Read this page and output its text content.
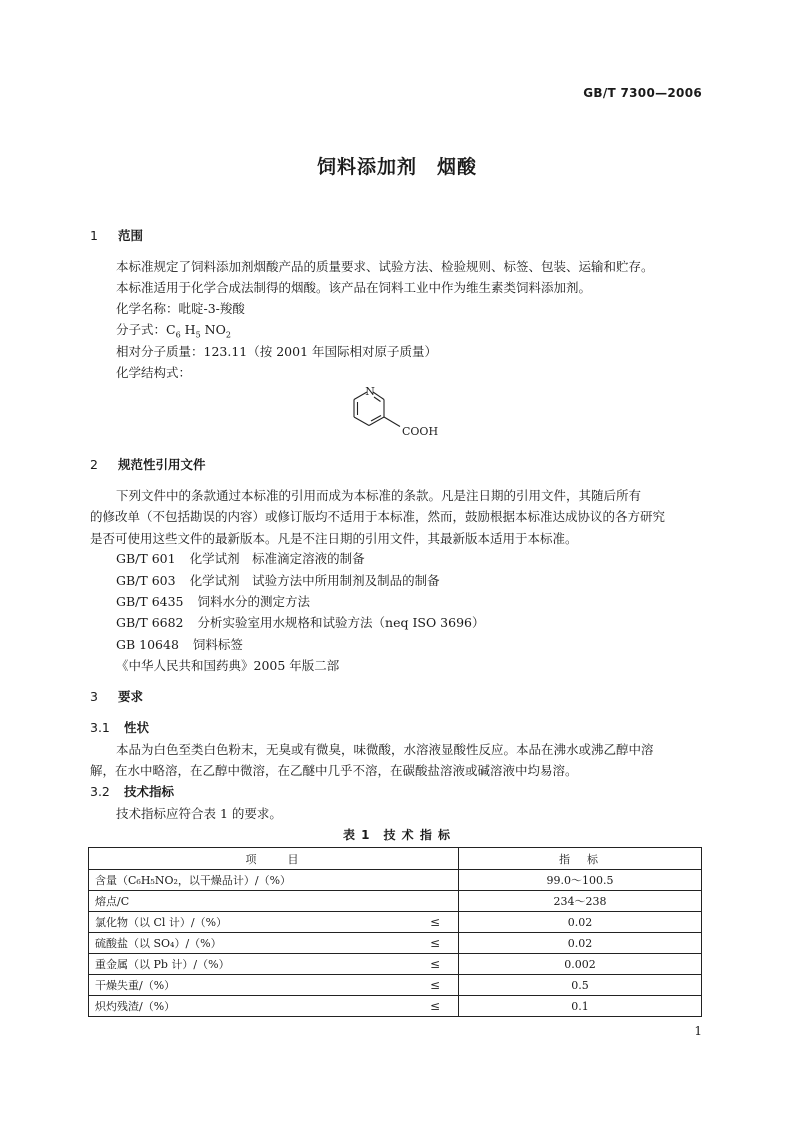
GB/T 7300—2006
饲料添加剂 烟酸
1 范围
本标准规定了饲料添加剂烟酸产品的质量要求、试验方法、检验规则、标签、包装、运输和贮存。
本标准适用于化学合成法制得的烟酸。该产品在饲料工业中作为维生素类饲料添加剂。
化学名称：吡啶-3-羧酸
分子式：$C_6$ $H_5$ $NO_2$
相对分子质量：123.11（按 2001 年国际相对原子质量）
化学结构式：
N
COOH
2 规范性引用文件
下列文件中的条款通过本标准的引用而成为本标准的条款。凡是注日期的引用文件，其随后所有
的修改单（不包括勘误的内容）或修订版均不适用于本标准，然而，鼓励根据本标准达成协议的各方研究
是否可使用这些文件的最新版本。凡是不注日期的引用文件，其最新版本适用于本标准。
GB/T 601 化学试剂　标准滴定溶液的制备
GB/T 603 化学试剂　试验方法中所用制剂及制品的制备
GB/T 6435 饲料水分的测定方法
GB/T 6682 分析实验室用水规格和试验方法（neq ISO 3696）
GB 10648 饲料标签
《中华人民共和国药典》2005 年版二部
3 要求
3.1 性状
本品为白色至类白色粉末，无臭或有微臭，味微酸，水溶液显酸性反应。本品在沸水或沸乙醇中溶
解，在水中略溶，在乙醇中微溶，在乙醚中几乎不溶，在碳酸盐溶液或碱溶液中均易溶。
3.2 技术指标
技术指标应符合表 1 的要求。
表 1　技 术 指 标
项　　目	指　标
含量（C₆H₅NO₂，以干燥品计）/（%）	99.0～100.5
熔点/C	234～238
氯化物（以 Cl 计）/（%） ≤	0.02
硫酸盐（以 SO₄）/（%） ≤	0.02
重金属（以 Pb 计）/（%） ≤	0.002
干燥失重/（%） ≤	0.5
炽灼残渣/（%） ≤	0.1
1
